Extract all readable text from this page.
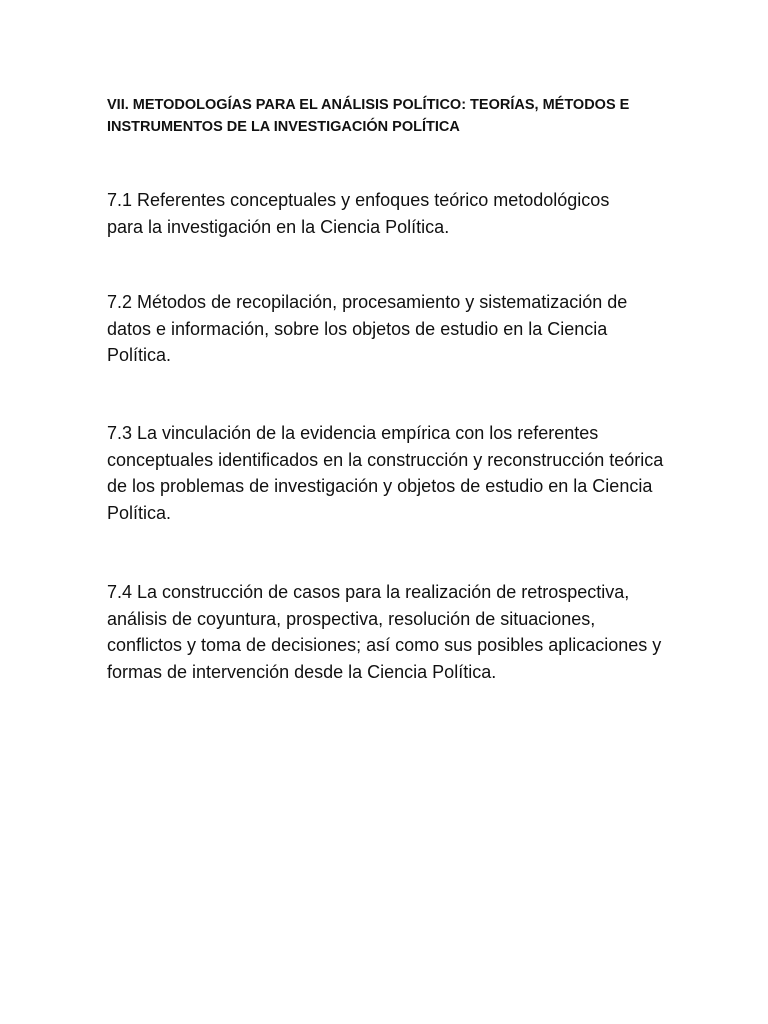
VII. METODOLOGÍAS PARA EL ANÁLISIS POLÍTICO: TEORÍAS, MÉTODOS E INSTRUMENTOS DE LA INVESTIGACIÓN POLÍTICA
7.1 Referentes conceptuales y enfoques teórico metodológicos para la investigación en la Ciencia Política.
7.2 Métodos de recopilación, procesamiento y sistematización de datos e información, sobre los objetos de estudio en la Ciencia Política.
7.3 La vinculación de la evidencia empírica con los referentes conceptuales identificados en la construcción y reconstrucción teórica de los problemas de investigación y objetos de estudio en la Ciencia Política.
7.4 La construcción de casos para la realización de retrospectiva, análisis de coyuntura, prospectiva, resolución de situaciones, conflictos y toma de decisiones; así como sus posibles aplicaciones y formas de intervención desde la Ciencia Política.
